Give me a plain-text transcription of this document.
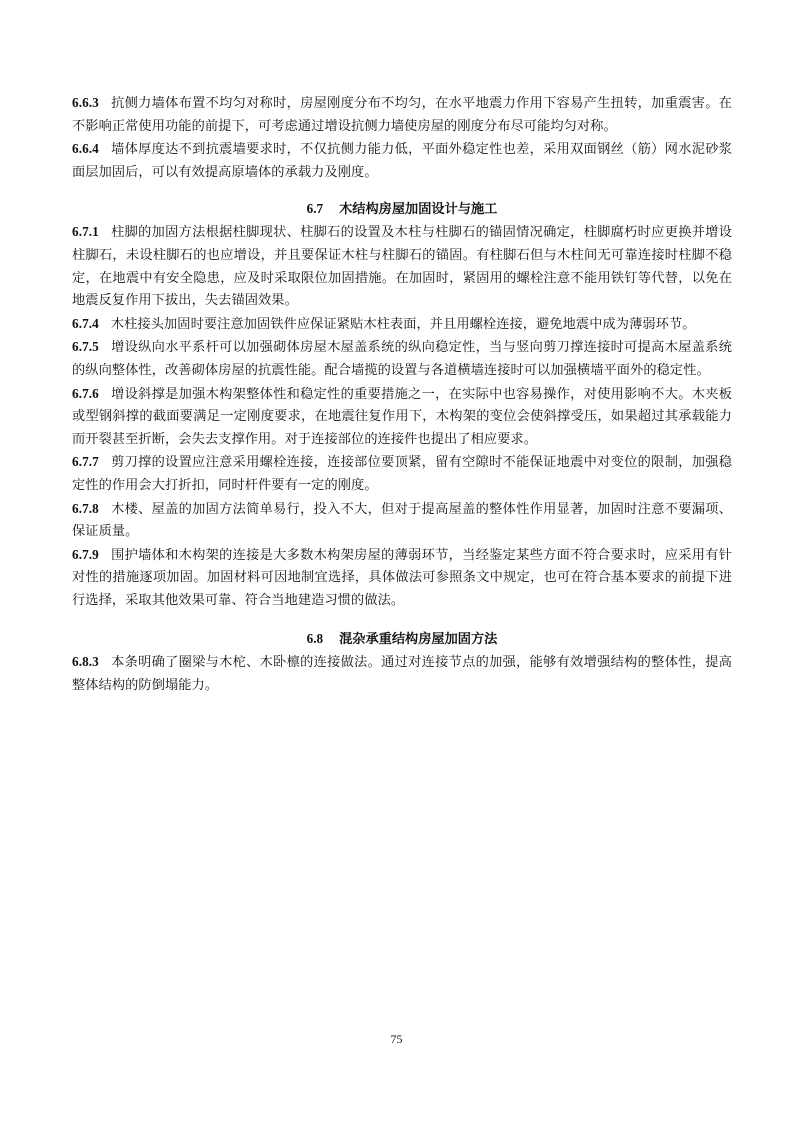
6.6.3 抗侧力墙体布置不均匀对称时，房屋刚度分布不均匀，在水平地震力作用下容易产生扭转，加重震害。在不影响正常使用功能的前提下，可考虑通过增设抗侧力墙使房屋的刚度分布尽可能均匀对称。

6.6.4 墙体厚度达不到抗震墙要求时，不仅抗侧力能力低，平面外稳定性也差，采用双面钢丝（筋）网水泥砂浆面层加固后，可以有效提高原墙体的承载力及刚度。

6.7 木结构房屋加固设计与施工

6.7.1 柱脚的加固方法根据柱脚现状、柱脚石的设置及木柱与柱脚石的锚固情况确定，柱脚腐朽时应更换并增设柱脚石，未设柱脚石的也应增设，并且要保证木柱与柱脚石的锚固。有柱脚石但与木柱间无可靠连接时柱脚不稳定，在地震中有安全隐患，应及时采取限位加固措施。在加固时，紧固用的螺栓注意不能用铁钉等代替，以免在地震反复作用下拔出，失去锚固效果。

6.7.4 木柱接头加固时要注意加固铁件应保证紧贴木柱表面，并且用螺栓连接，避免地震中成为薄弱环节。

6.7.5 增设纵向水平系杆可以加强砌体房屋木屋盖系统的纵向稳定性，当与竖向剪刀撑连接时可提高木屋盖系统的纵向整体性，改善砌体房屋的抗震性能。配合墙揽的设置与各道横墙连接时可以加强横墙平面外的稳定性。

6.7.6 增设斜撑是加强木构架整体性和稳定性的重要措施之一，在实际中也容易操作，对使用影响不大。木夹板或型钢斜撑的截面要满足一定刚度要求，在地震往复作用下，木构架的变位会使斜撑受压，如果超过其承载能力而开裂甚至折断，会失去支撑作用。对于连接部位的连接件也提出了相应要求。

6.7.7 剪刀撑的设置应注意采用螺栓连接，连接部位要顶紧，留有空隙时不能保证地震中对变位的限制，加强稳定性的作用会大打折扣，同时杆件要有一定的刚度。

6.7.8 木楼、屋盖的加固方法简单易行，投入不大，但对于提高屋盖的整体性作用显著，加固时注意不要漏项、保证质量。

6.7.9 围护墙体和木构架的连接是大多数木构架房屋的薄弱环节，当经鉴定某些方面不符合要求时，应采用有针对性的措施逐项加固。加固材料可因地制宜选择，具体做法可参照条文中规定，也可在符合基本要求的前提下进行选择，采取其他效果可靠、符合当地建造习惯的做法。

6.8 混杂承重结构房屋加固方法

6.8.3 本条明确了圈梁与木柁、木卧檩的连接做法。通过对连接节点的加强，能够有效增强结构的整体性，提高整体结构的防倒塌能力。

75
